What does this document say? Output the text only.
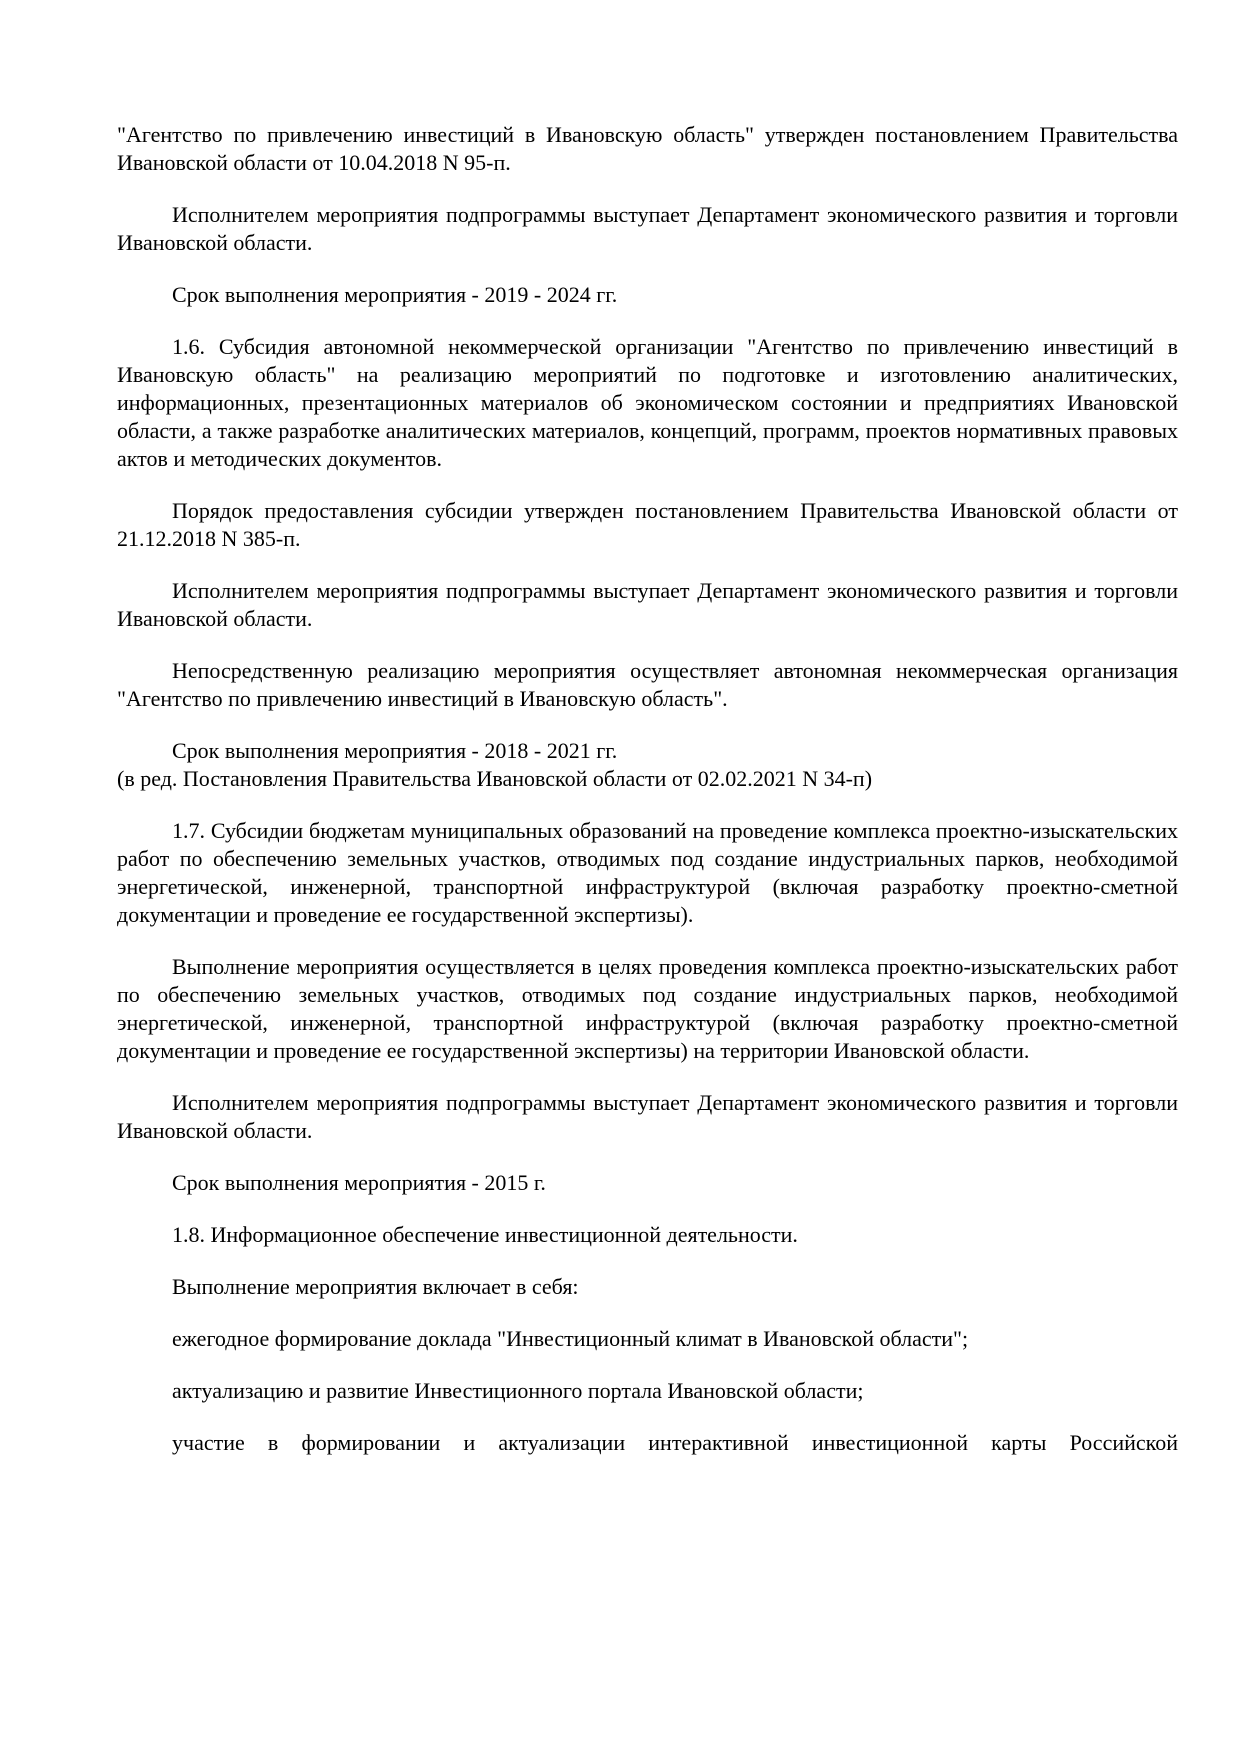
"Агентство по привлечению инвестиций в Ивановскую область" утвержден постановлением Правительства Ивановской области от 10.04.2018 N 95-п.

Исполнителем мероприятия подпрограммы выступает Департамент экономического развития и торговли Ивановской области.

Срок выполнения мероприятия - 2019 - 2024 гг.

1.6. Субсидия автономной некоммерческой организации "Агентство по привлечению инвестиций в Ивановскую область" на реализацию мероприятий по подготовке и изготовлению аналитических, информационных, презентационных материалов об экономическом состоянии и предприятиях Ивановской области, а также разработке аналитических материалов, концепций, программ, проектов нормативных правовых актов и методических документов.

Порядок предоставления субсидии утвержден постановлением Правительства Ивановской области от 21.12.2018 N 385-п.

Исполнителем мероприятия подпрограммы выступает Департамент экономического развития и торговли Ивановской области.

Непосредственную реализацию мероприятия осуществляет автономная некоммерческая организация "Агентство по привлечению инвестиций в Ивановскую область".

Срок выполнения мероприятия - 2018 - 2021 гг.

(в ред. Постановления Правительства Ивановской области от 02.02.2021 N 34-п)

1.7. Субсидии бюджетам муниципальных образований на проведение комплекса проектно-изыскательских работ по обеспечению земельных участков, отводимых под создание индустриальных парков, необходимой энергетической, инженерной, транспортной инфраструктурой (включая разработку проектно-сметной документации и проведение ее государственной экспертизы).

Выполнение мероприятия осуществляется в целях проведения комплекса проектно-изыскательских работ по обеспечению земельных участков, отводимых под создание индустриальных парков, необходимой энергетической, инженерной, транспортной инфраструктурой (включая разработку проектно-сметной документации и проведение ее государственной экспертизы) на территории Ивановской области.

Исполнителем мероприятия подпрограммы выступает Департамент экономического развития и торговли Ивановской области.

Срок выполнения мероприятия - 2015 г.

1.8. Информационное обеспечение инвестиционной деятельности.

Выполнение мероприятия включает в себя:

ежегодное формирование доклада "Инвестиционный климат в Ивановской области";

актуализацию и развитие Инвестиционного портала Ивановской области;

участие в формировании и актуализации интерактивной инвестиционной карты Российской
